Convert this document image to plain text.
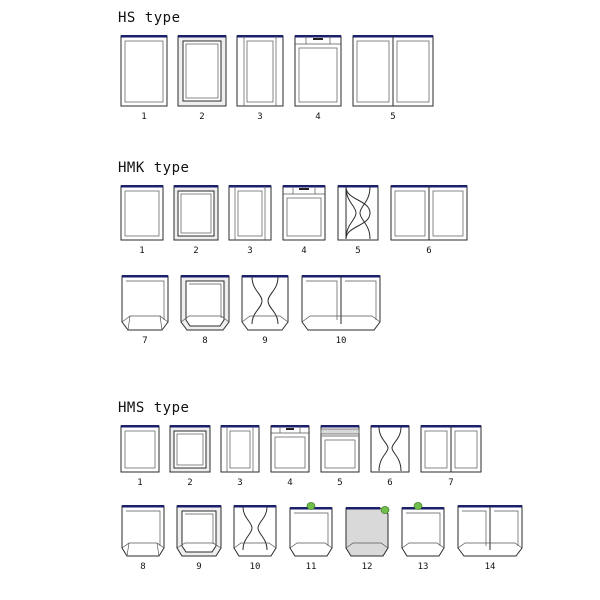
HS type
1	2	3	4	5
HMK type
1	2	3	4	5	6
7	8	9	10
HMS type
1	2	3	4	5	6	7
8	9	10	11	12	13	14
